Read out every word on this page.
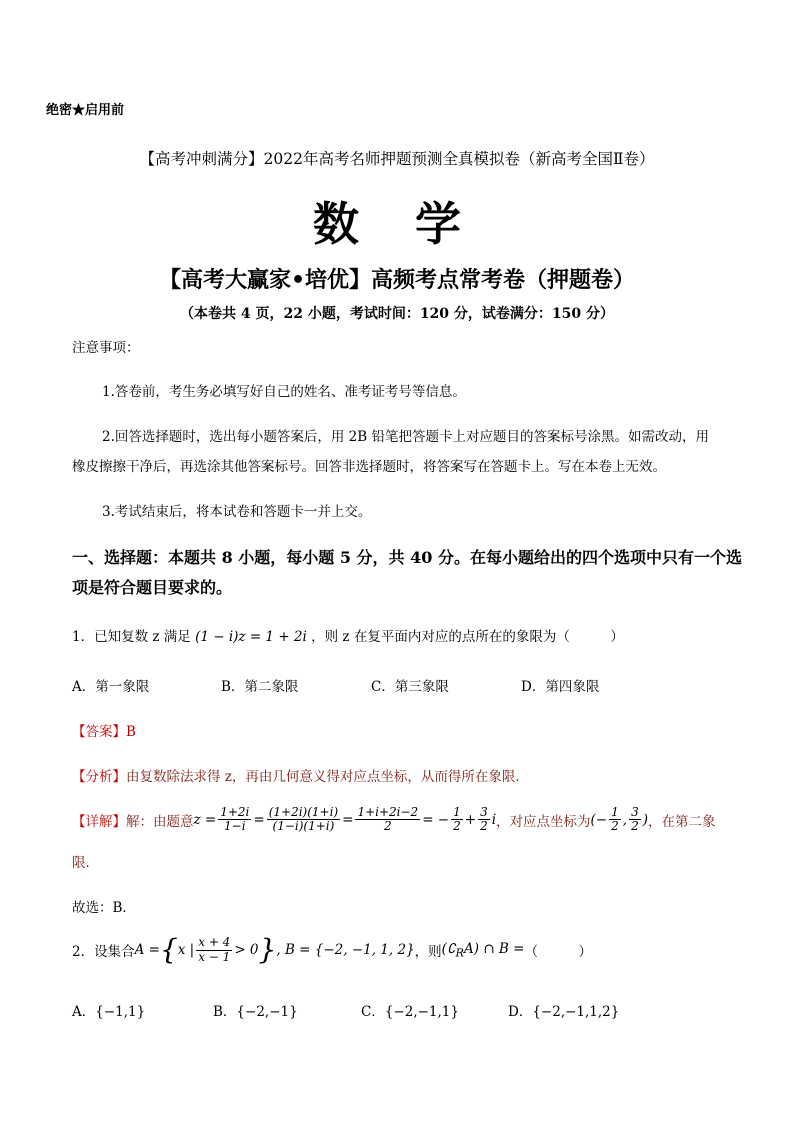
绝密★启用前
【高考冲刺满分】2022年高考名师押题预测全真模拟卷（新高考全国Ⅱ卷）
数 学
【高考大赢家•培优】高频考点常考卷（押题卷）
（本卷共 4 页，22 小题，考试时间：120 分，试卷满分：150 分）
注意事项：
1.答卷前，考生务必填写好自己的姓名、准考证考号等信息。
2.回答选择题时，选出每小题答案后，用 2B 铅笔把答题卡上对应题目的答案标号涂黑。如需改动，用
橡皮擦擦干净后，再选涂其他答案标号。回答非选择题时，将答案写在答题卡上。写在本卷上无效。
3.考试结束后，将本试卷和答题卡一并上交。
一、选择题：本题共 8 小题，每小题 5 分，共 40 分。在每小题给出的四个选项中只有一个选
项是符合题目要求的。
1．已知复数 z 满足 (1 − i)z = 1 + 2i ，则 z 在复平面内对应的点所在的象限为（　　　）
A．第一象限	B．第二象限	C．第三象限	D．第四象限
【答案】B
【分析】由复数除法求得 z，再由几何意义得对应点坐标，从而得所在象限．
【详解】 解：由题意 $z = \frac{1+2i}{1-i} = \frac{(1+2i)(1+i)}{(1-i)(1+i)} = \frac{1+i+2i-2}{2}$ = − $\frac{1}{2} + \frac{3}{2}$ i ，对应点坐标为 (− $\frac{1}{2}$ , $\frac{3}{2}$ ) ，在第二象
限．
故选：B．
2．设集合 A = { x | $\frac{x + 4}{x - 1} > 0$ } , B = {−2, −1, 1, 2} ，则 $(∁_RA)$ ∩ B = （　　　）
A．{−1,1}	B．{−2,−1}	C．{−2,−1,1}	D．{−2,−1,1,2}
